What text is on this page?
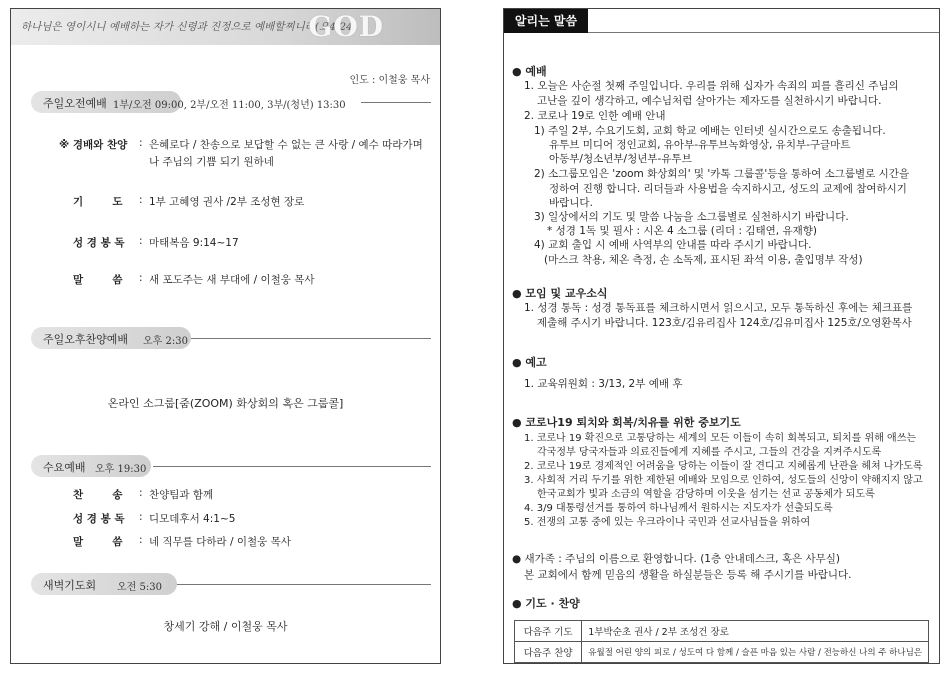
하나님은 영이시니 예배하는 자가 신령과 진정으로 예배할찌니라(요4:24)
GOD
인도 : 이철웅 목사
주일오전예배 1부/오전 09:00, 2부/오전 11:00, 3부/(청년) 13:30
※ 경배와 찬양 : 은혜로다 / 찬송으로 보답할 수 없는 큰 사랑 / 예수 따라가며
나 주님의 기쁨 되기 원하네
기        도 : 1부 고혜영 권사 /2부 조성현 장로
성 경 봉 독 : 마태복음 9:14~17
말        씀 : 새 포도주는 새 부대에 / 이철웅 목사
주일오후찬양예배 오후 2:30
온라인 소그룹[줌(ZOOM) 화상회의 혹은 그룹콜]
수요예배 오후 19:30
찬        송 : 찬양팀과 함께
성 경 봉 독 : 디모데후서 4:1~5
말        씀 : 네 직무를 다하라 / 이철웅 목사
새벽기도회 오전 5:30
창세기 강해 / 이철웅 목사
알리는 말씀
● 예배
1. 오늘은 사순절 첫째 주일입니다. 우리를 위해 십자가 속죄의 피를 흘리신 주님의
고난을 깊이 생각하고, 예수님처럼 살아가는 제자도를 실천하시기 바랍니다.
2. 코로나 19로 인한 예배 안내
1) 주일 2부, 수요기도회, 교회 학교 예배는 인터넷 실시간으로도 송출됩니다.
유투브 미디어 정인교회, 유아부-유투브녹화영상, 유치부-구글마트
아동부/청소년부/청년부-유투브
2) 소그룹모임은 'zoom 화상회의' 및 '카톡 그룹콜'등을 통하여 소그룹별로 시간을
정하여 진행 합니다. 리더들과 사용법을 숙지하시고, 성도의 교제에 참여하시기
바랍니다.
3) 일상에서의 기도 및 말씀 나눔을 소그룹별로 실천하시기 바랍니다.
* 성경 1독 및 필사 : 시온 4 소그룹 (리더 : 김태연, 유재향)
4) 교회 출입 시 예배 사역부의 안내를 따라 주시기 바랍니다.
(마스크 착용, 체온 측정, 손 소독제, 표시된 좌석 이용, 출입명부 작성)
● 모임 및 교우소식
1. 성경 통독 : 성경 통독표를 체크하시면서 읽으시고, 모두 통독하신 후에는 체크표를
제출해 주시기 바랍니다. 123호/김유리집사 124호/김유미집사 125호/오영환목사
● 예고
1. 교육위원회 : 3/13, 2부 예배 후
● 코로나19 퇴치와 회복/치유를 위한 중보기도
1. 코로나 19 확진으로 고통당하는 세계의 모든 이들이 속히 회복되고, 퇴치를 위해 애쓰는
각국정부 당국자들과 의료진들에게 지혜를 주시고, 그들의 건강을 지켜주시도록
2. 코로나 19로 경제적인 어려움을 당하는 이들이 잘 견디고 지혜롭게 난관을 헤쳐 나가도록
3. 사회적 거리 두기를 위한 제한된 예배와 모임으로 인하여, 성도들의 신앙이 약해지지 않고
한국교회가 빛과 소금의 역할을 감당하며 이웃을 섬기는 선교 공동체가 되도록
4. 3/9 대통령선거를 통하여 하나님께서 원하시는 지도자가 선출되도록
5. 전쟁의 고통 중에 있는 우크라이나 국민과 선교사님들을 위하여
● 새가족 : 주님의 이름으로 환영합니다. (1층 안내데스크, 혹은 사무실)
본 교회에서 함께 믿음의 생활을 하실분들은 등록 해 주시기를 바랍니다.
● 기도 · 찬양
다음주 기도	1부박순초 권사 / 2부 조성건 장로
다음주 찬양	유월절 어린 양의 피로 / 성도여 다 함께 / 슬픈 마음 있는 사람 / 전능하신 나의 주 하나님은
